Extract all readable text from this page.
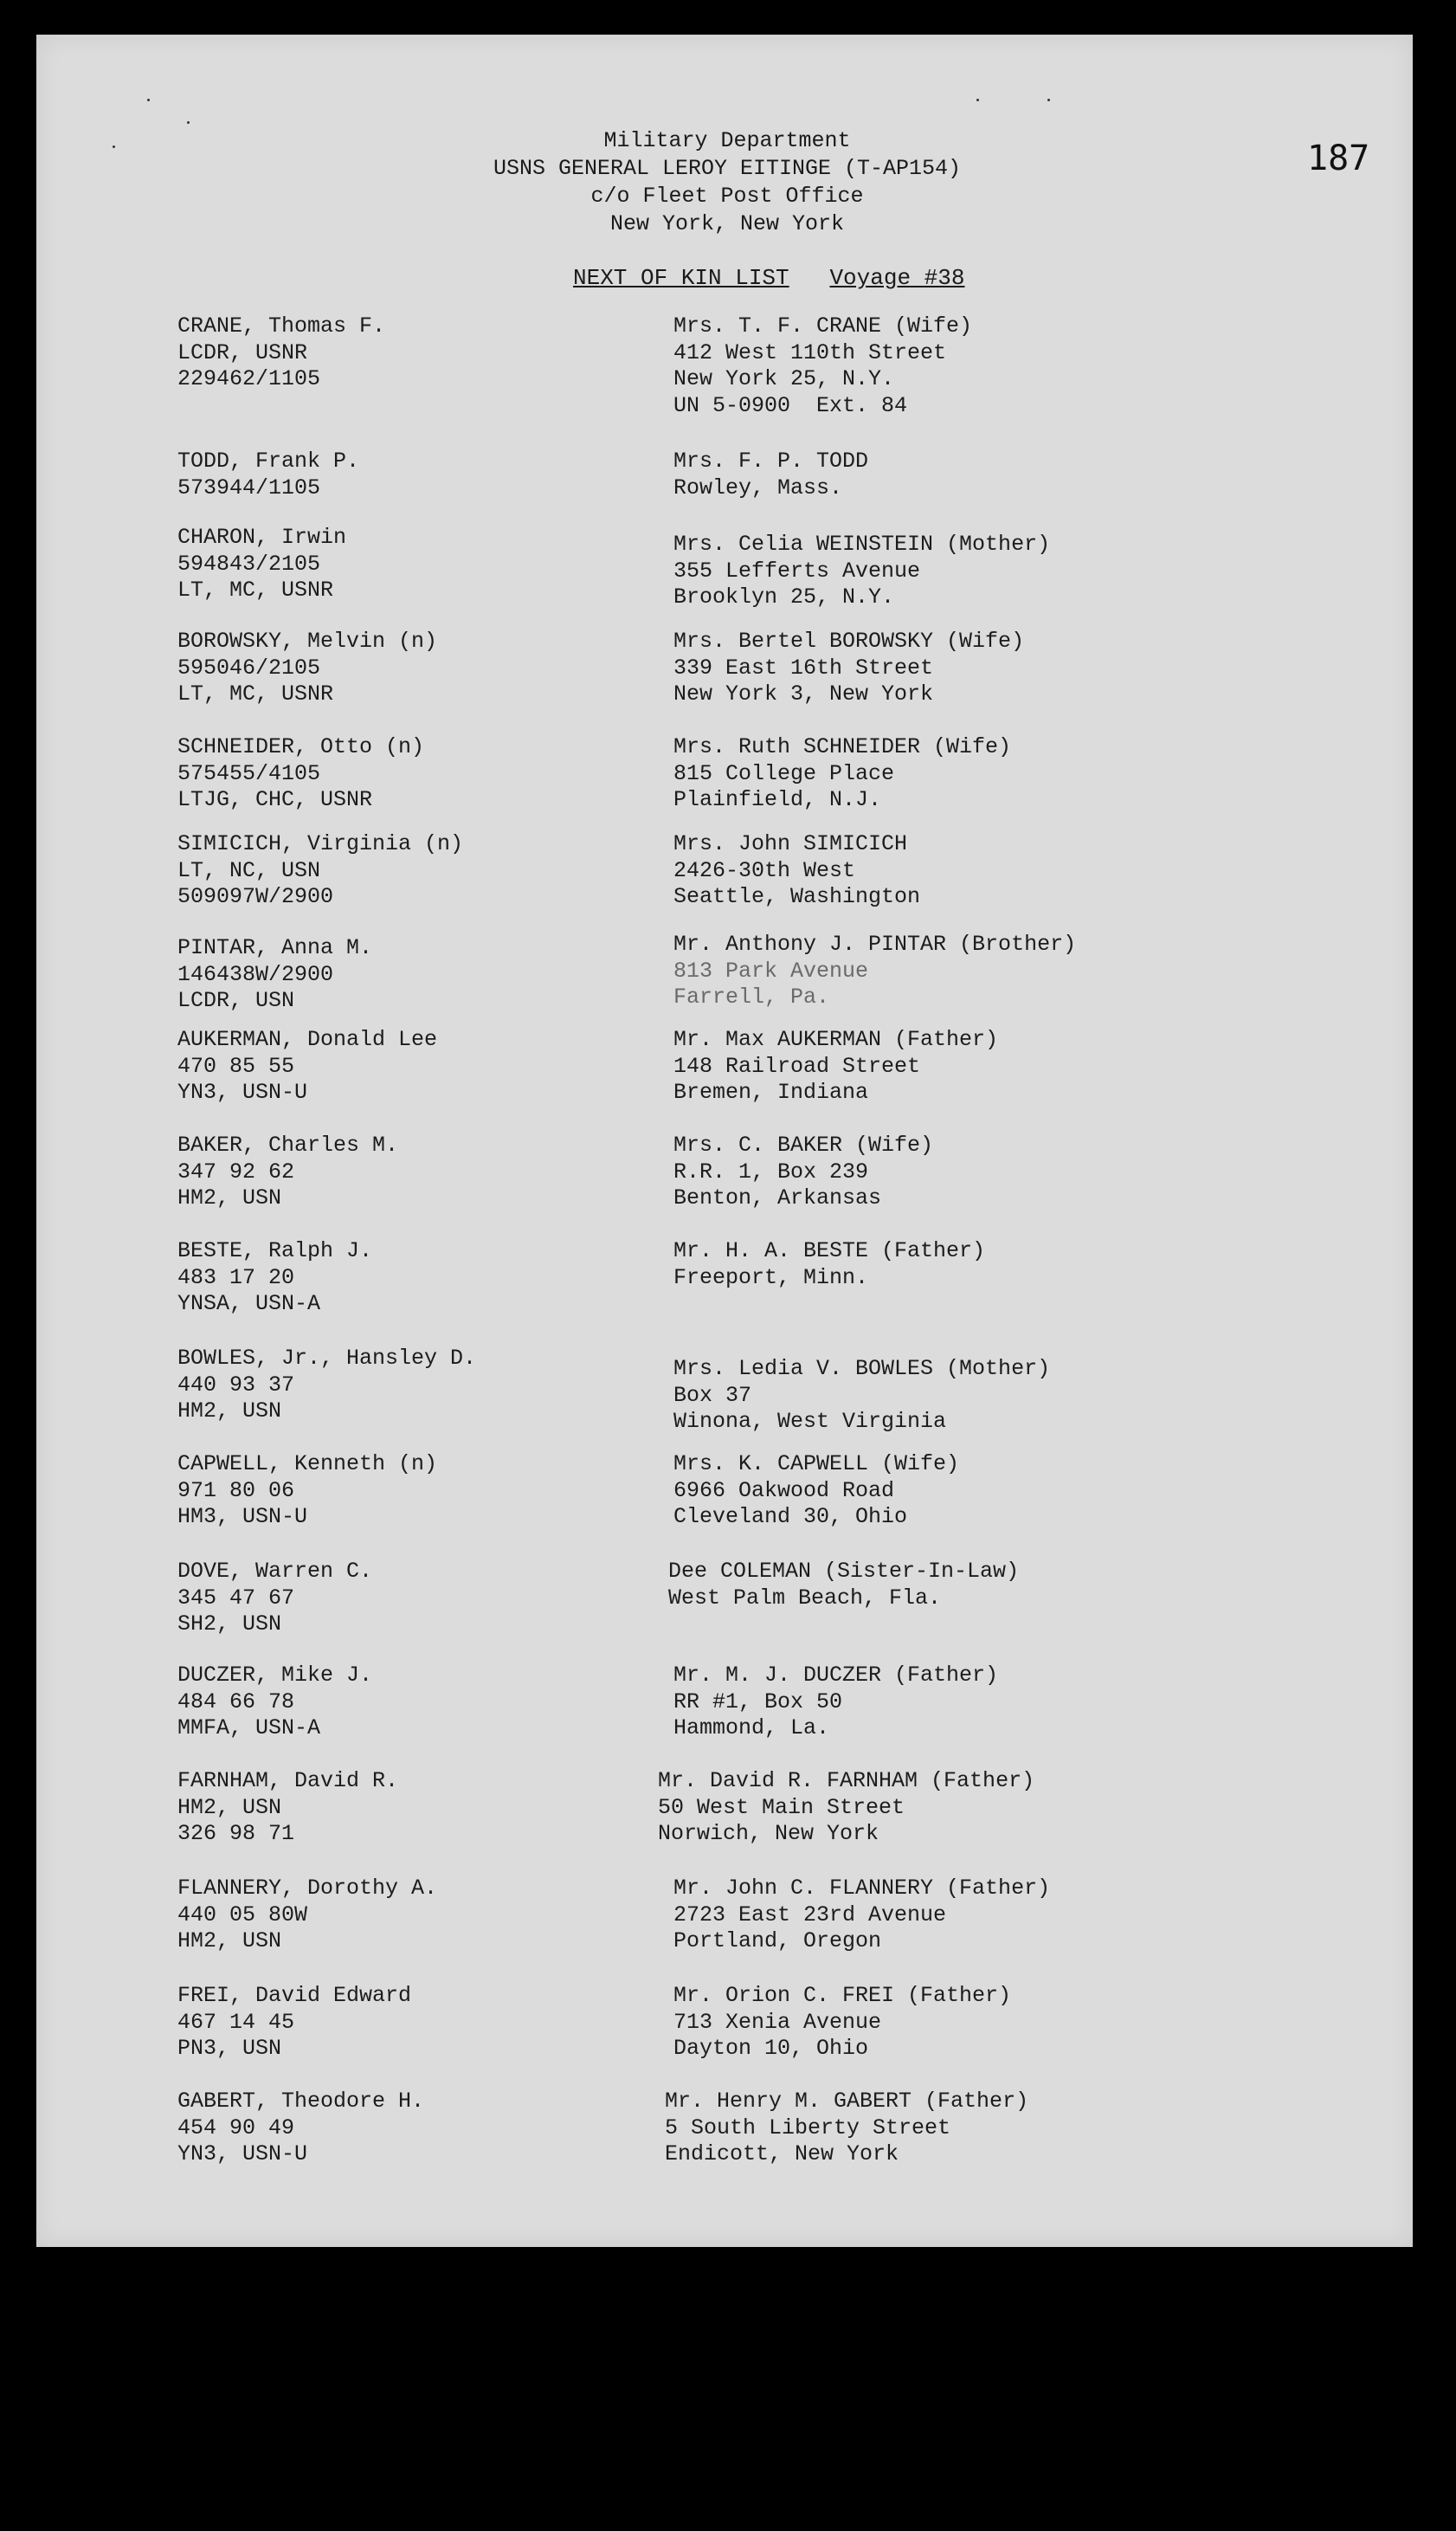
187
Military Department
USNS GENERAL LEROY EITINGE (T-AP154)
c/o Fleet Post Office
New York, New York
NEXT OF KIN LIST Voyage #38
CRANE, Thomas F.
LCDR, USNR
229462/1105
Mrs. T. F. CRANE (Wife)
412 West 110th Street
New York 25, N.Y.
UN 5-0900  Ext. 84
TODD, Frank P.
573944/1105
Mrs. F. P. TODD
Rowley, Mass.
CHARON, Irwin
594843/2105
LT, MC, USNR
Mrs. Celia WEINSTEIN (Mother)
355 Lefferts Avenue
Brooklyn 25, N.Y.
BOROWSKY, Melvin (n)
595046/2105
LT, MC, USNR
Mrs. Bertel BOROWSKY (Wife)
339 East 16th Street
New York 3, New York
SCHNEIDER, Otto (n)
575455/4105
LTJG, CHC, USNR
Mrs. Ruth SCHNEIDER (Wife)
815 College Place
Plainfield, N.J.
SIMICICH, Virginia (n)
LT, NC, USN
509097W/2900
Mrs. John SIMICICH
2426-30th West
Seattle, Washington
PINTAR, Anna M.
146438W/2900
LCDR, USN
Mr. Anthony J. PINTAR (Brother)
813 Park Avenue
Farrell, Pa.
AUKERMAN, Donald Lee
470 85 55
YN3, USN-U
Mr. Max AUKERMAN (Father)
148 Railroad Street
Bremen, Indiana
BAKER, Charles M.
347 92 62
HM2, USN
Mrs. C. BAKER (Wife)
R.R. 1, Box 239
Benton, Arkansas
BESTE, Ralph J.
483 17 20
YNSA, USN-A
Mr. H. A. BESTE (Father)
Freeport, Minn.
BOWLES, Jr., Hansley D.
440 93 37
HM2, USN
Mrs. Ledia V. BOWLES (Mother)
Box 37
Winona, West Virginia
CAPWELL, Kenneth (n)
971 80 06
HM3, USN-U
Mrs. K. CAPWELL (Wife)
6966 Oakwood Road
Cleveland 30, Ohio
DOVE, Warren C.
345 47 67
SH2, USN
Dee COLEMAN (Sister-In-Law)
West Palm Beach, Fla.
DUCZER, Mike J.
484 66 78
MMFA, USN-A
Mr. M. J. DUCZER (Father)
RR #1, Box 50
Hammond, La.
FARNHAM, David R.
HM2, USN
326 98 71
Mr. David R. FARNHAM (Father)
50 West Main Street
Norwich, New York
FLANNERY, Dorothy A.
440 05 80W
HM2, USN
Mr. John C. FLANNERY (Father)
2723 East 23rd Avenue
Portland, Oregon
FREI, David Edward
467 14 45
PN3, USN
Mr. Orion C. FREI (Father)
713 Xenia Avenue
Dayton 10, Ohio
GABERT, Theodore H.
454 90 49
YN3, USN-U
Mr. Henry M. GABERT (Father)
5 South Liberty Street
Endicott, New York
